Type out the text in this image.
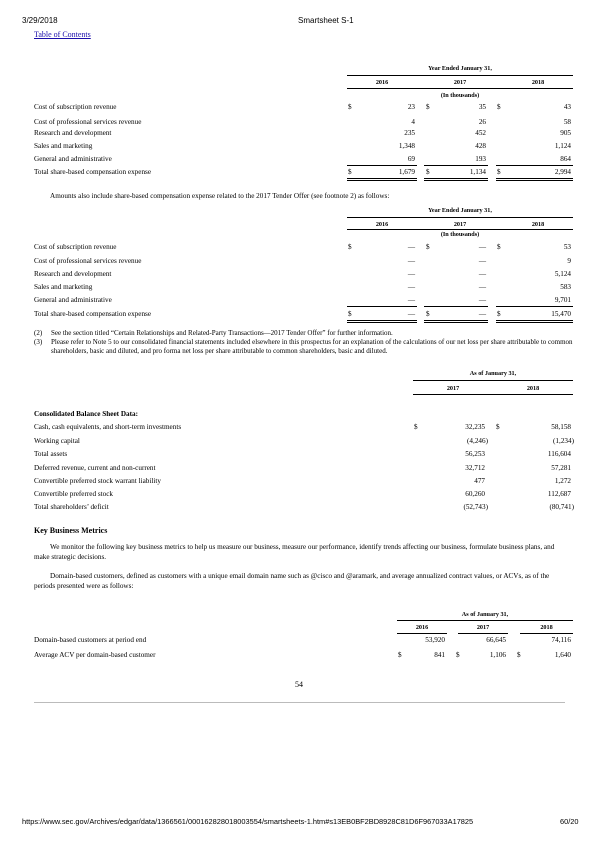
3/29/2018	Smartsheet S-1
Table of Contents
Year Ended January 31,
2016	2017	2018
(In thousands)
Cost of subscription revenue	$	23 $	35 $	43
Cost of professional services revenue	4	26	58
Research and development	235	452	905
Sales and marketing	1,348	428	1,124
General and administrative	69	193	864
Total share-based compensation expense	$	1,679 $	1,134 $	2,994
Amounts also include share-based compensation expense related to the 2017 Tender Offer (see footnote 2) as follows:
Year Ended January 31,
2016	2017	2018
(In thousands)
Cost of subscription revenue	$	— $	— $	53
Cost of professional services revenue	—	—	9
Research and development	—	—	5,124
Sales and marketing	—	—	583
General and administrative	—	—	9,701
Total share-based compensation expense	$	— $	— $	15,470
(2) See the section titled “Certain Relationships and Related-Party Transactions—2017 Tender Offer” for further information.
(3) Please refer to Note 5 to our consolidated financial statements included elsewhere in this prospectus for an explanation of the calculations of our net loss per share attributable to common shareholders, basic and diluted, and pro forma net loss per share attributable to common shareholders, basic and diluted.
As of January 31,
2017	2018
Consolidated Balance Sheet Data:
Cash, cash equivalents, and short-term investments	$	32,235 $	58,158
Working capital	(4,246)	(1,234)
Total assets	56,253	116,604
Deferred revenue, current and non-current	32,712	57,281
Convertible preferred stock warrant liability	477	1,272
Convertible preferred stock	60,260	112,687
Total shareholders’ deficit	(52,743)	(80,741)
Key Business Metrics
We monitor the following key business metrics to help us measure our business, measure our performance, identify trends affecting our business, formulate business plans, and make strategic decisions.
Domain-based customers, defined as customers with a unique email domain name such as @cisco and @aramark, and average annualized contract values, or ACVs, as of the periods presented were as follows:
As of January 31,
2016	2017	2018
Domain-based customers at period end	53,920	66,645	74,116
Average ACV per domain-based customer	$	841 $	1,106 $	1,640
54
https://www.sec.gov/Archives/edgar/data/1366561/000162828018003554/smartsheets-1.htm#s13EB0BF2BD8928C81D6F967033A17825	60/20
